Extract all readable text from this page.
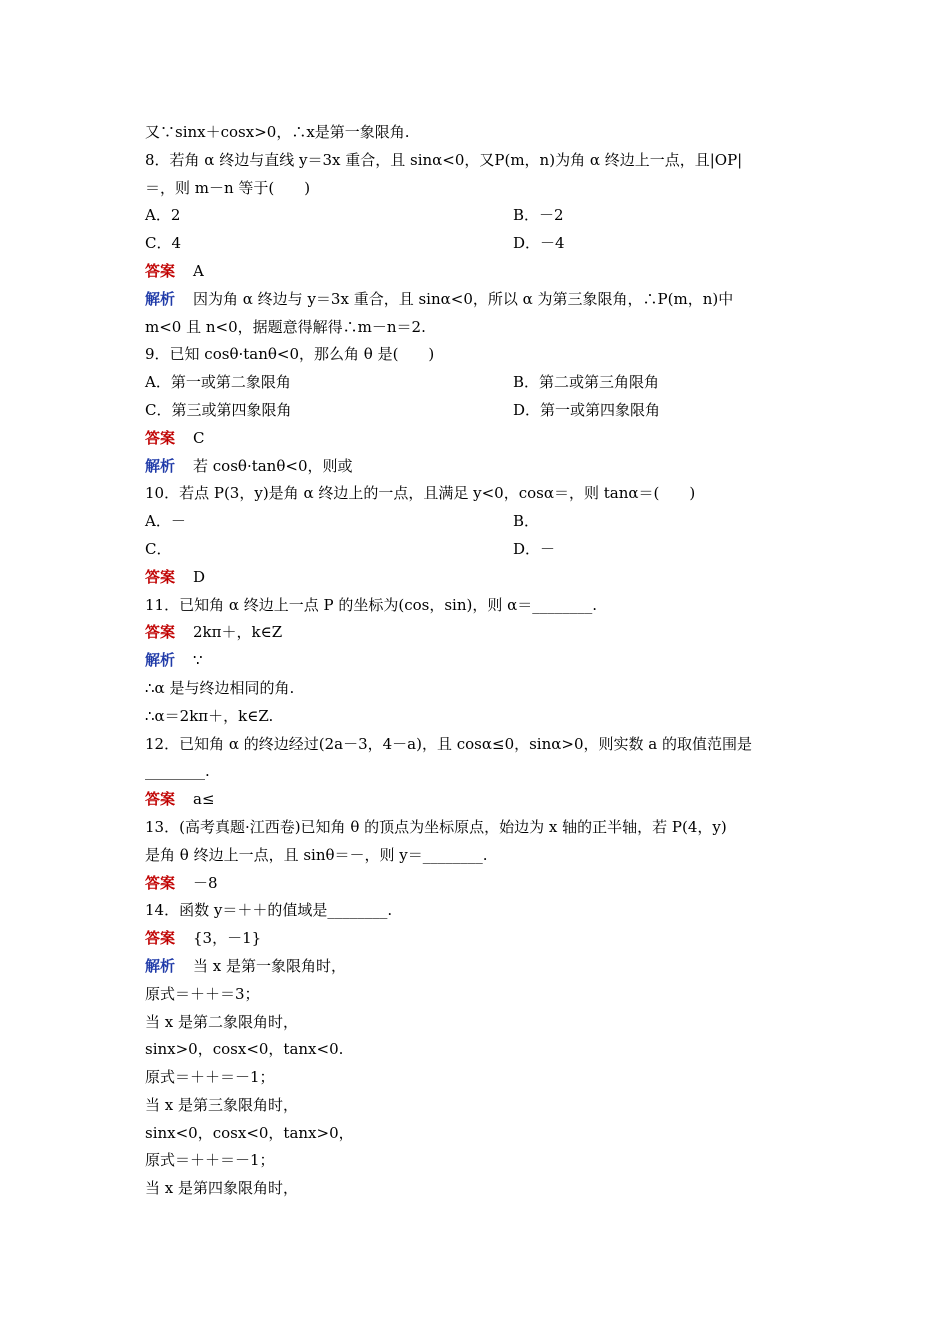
又∵sinx＋cosx>0，∴x是第一象限角.
8．若角 α 终边与直线 y＝3x 重合，且 sinα<0，又P(m，n)为角 α 终边上一点，且|OP|
＝，则 m－n 等于(　　)
A．2	B．－2
C．4	D．－4
答案 A
解析 因为角 α 终边与 y＝3x 重合，且 sinα<0，所以 α 为第三象限角，∴P(m，n)中
m<0 且 n<0，据题意得解得∴m－n＝2.
9．已知 cosθ·tanθ<0，那么角 θ 是(　　)
A．第一或第二象限角	B．第二或第三角限角
C．第三或第四象限角	D．第一或第四象限角
答案 C
解析 若 cosθ·tanθ<0，则或
10．若点 P(3，y)是角 α 终边上的一点，且满足 y<0，cosα＝，则 tanα＝(　　)
A．－	B．
C．	D．－
答案 D
11．已知角 α 终边上一点 P 的坐标为(cos，sin)，则 α＝________.
答案 2kπ＋，k∈Z
解析 ∵
∴α 是与终边相同的角.
∴α＝2kπ＋，k∈Z.
12．已知角 α 的终边经过(2a－3，4－a)，且 cosα≤0，sinα>0，则实数 a 的取值范围是
________.
答案 a≤
13．(高考真题·江西卷)已知角 θ 的顶点为坐标原点，始边为 x 轴的正半轴，若 P(4，y)
是角 θ 终边上一点，且 sinθ＝－，则 y＝________.
答案 －8
14．函数 y＝＋＋的值域是________.
答案 {3，－1}
解析 当 x 是第一象限角时，
原式＝＋＋＝3；
当 x 是第二象限角时，
sinx>0，cosx<0，tanx<0.
原式＝＋＋＝－1；
当 x 是第三象限角时，
sinx<0，cosx<0，tanx>0，
原式＝＋＋＝－1；
当 x 是第四象限角时，
